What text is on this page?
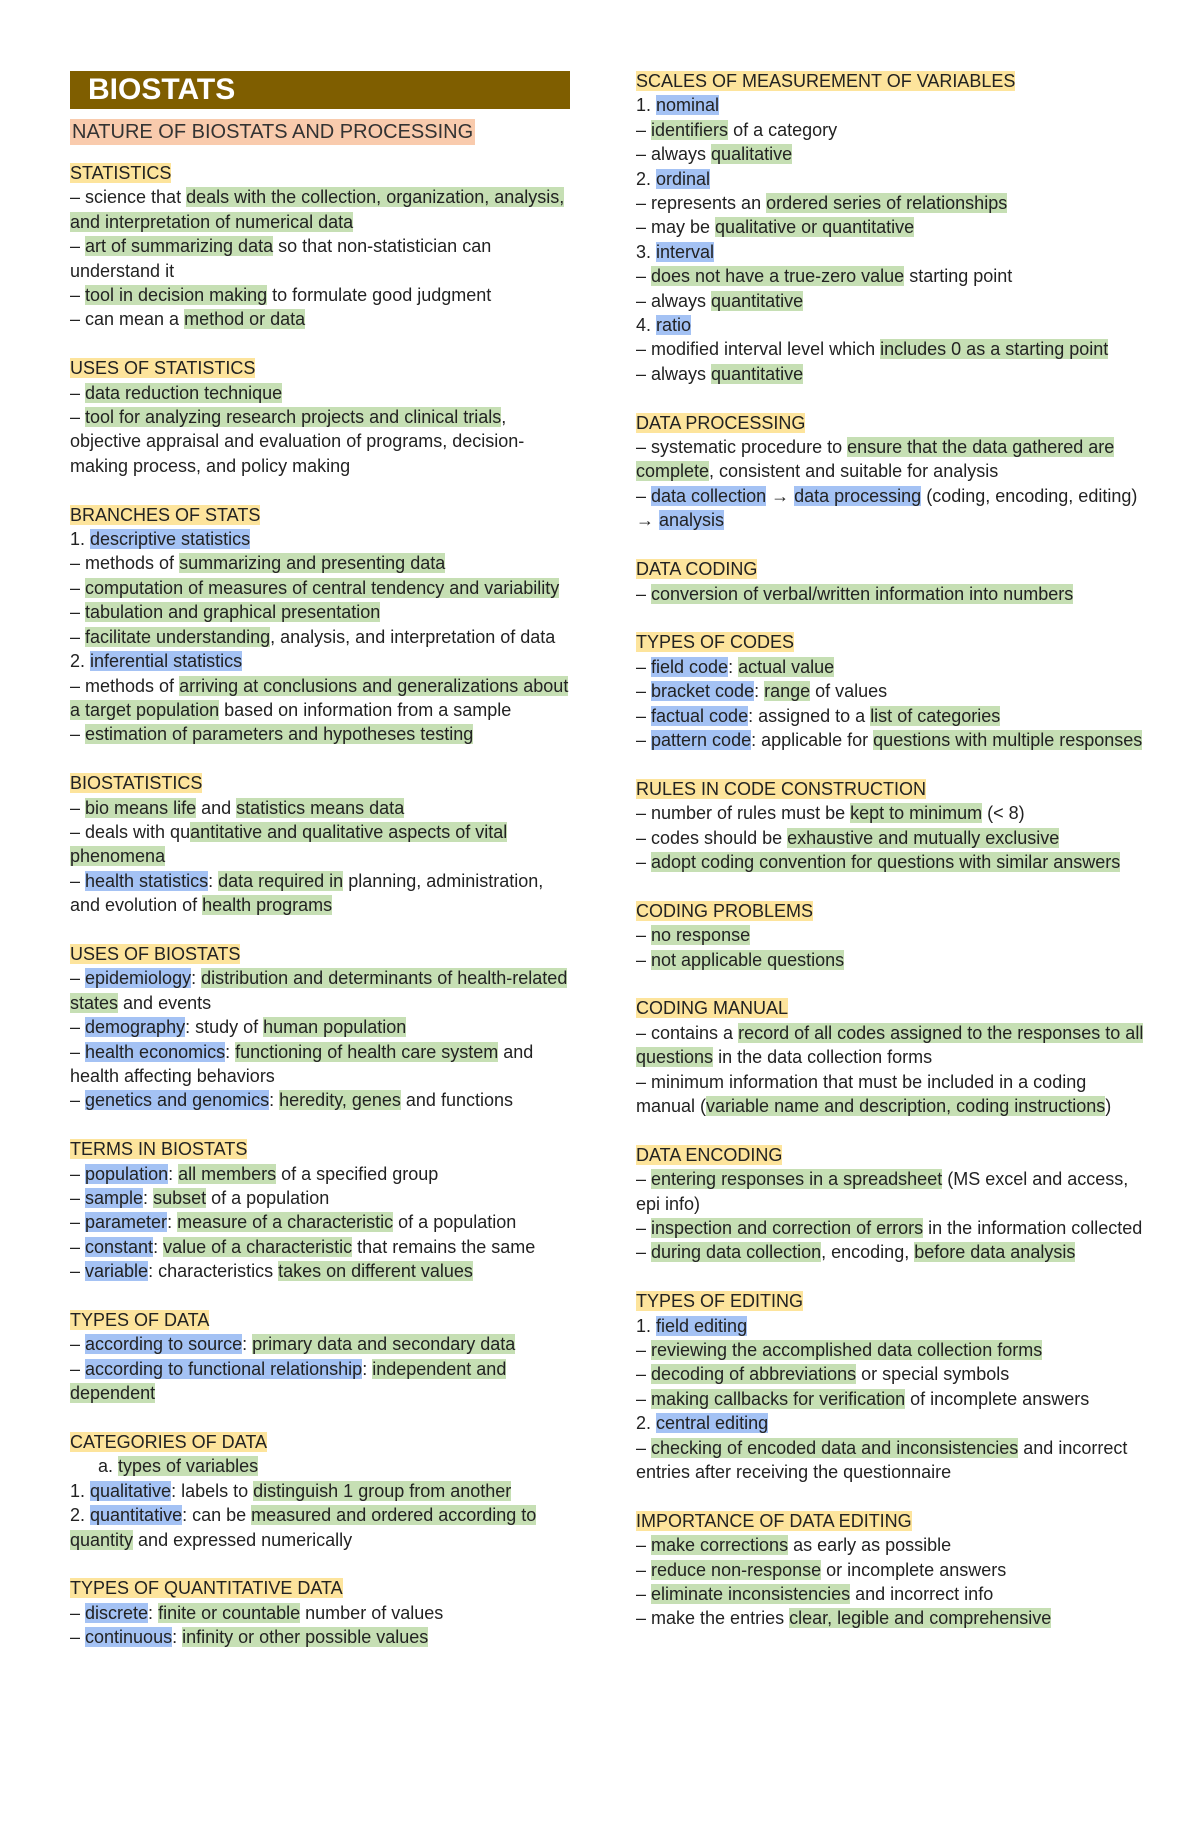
BIOSTATS
NATURE OF BIOSTATS AND PROCESSING

STATISTICS

– science that deals with the collection, organization, analysis, and interpretation of numerical data

– art of summarizing data so that non-statistician can understand it

– tool in decision making to formulate good judgment

– can mean a method or data

USES OF STATISTICS

– data reduction technique

– tool for analyzing research projects and clinical trials, objective appraisal and evaluation of programs, decision-making process, and policy making

BRANCHES OF STATS

1. descriptive statistics

– methods of summarizing and presenting data

– computation of measures of central tendency and variability

– tabulation and graphical presentation

– facilitate understanding, analysis, and interpretation of data

2. inferential statistics

– methods of arriving at conclusions and generalizations about a target population based on information from a sample

– estimation of parameters and hypotheses testing

BIOSTATISTICS

– bio means life and statistics means data

– deals with quantitative and qualitative aspects of vital phenomena

– health statistics: data required in planning, administration, and evolution of health programs

USES OF BIOSTATS

– epidemiology: distribution and determinants of health-related states and events

– demography: study of human population

– health economics: functioning of health care system and health affecting behaviors

– genetics and genomics: heredity, genes and functions

TERMS IN BIOSTATS

– population: all members of a specified group

– sample: subset of a population

– parameter: measure of a characteristic of a population

– constant: value of a characteristic that remains the same

– variable: characteristics takes on different values

TYPES OF DATA

– according to source: primary data and secondary data

– according to functional relationship: independent and dependent

CATEGORIES OF DATA

a. types of variables

1. qualitative: labels to distinguish 1 group from another

2. quantitative: can be measured and ordered according to quantity and expressed numerically

TYPES OF QUANTITATIVE DATA

– discrete: finite or countable number of values

– continuous: infinity or other possible values

SCALES OF MEASUREMENT OF VARIABLES

1. nominal

– identifiers of a category

– always qualitative

2. ordinal

– represents an ordered series of relationships

– may be qualitative or quantitative

3. interval

– does not have a true-zero value starting point

– always quantitative

4. ratio

– modified interval level which includes 0 as a starting point

– always quantitative

DATA PROCESSING

– systematic procedure to ensure that the data gathered are complete, consistent and suitable for analysis

– data collection → data processing (coding, encoding, editing) → analysis

DATA CODING

– conversion of verbal/written information into numbers

TYPES OF CODES

– field code: actual value

– bracket code: range of values

– factual code: assigned to a list of categories

– pattern code: applicable for questions with multiple responses

RULES IN CODE CONSTRUCTION

– number of rules must be kept to minimum (< 8)

– codes should be exhaustive and mutually exclusive

– adopt coding convention for questions with similar answers

CODING PROBLEMS

– no response

– not applicable questions

CODING MANUAL

– contains a record of all codes assigned to the responses to all questions in the data collection forms

– minimum information that must be included in a coding manual (variable name and description, coding instructions)

DATA ENCODING

– entering responses in a spreadsheet (MS excel and access, epi info)

– inspection and correction of errors in the information collected

– during data collection, encoding, before data analysis

TYPES OF EDITING

1. field editing

– reviewing the accomplished data collection forms

– decoding of abbreviations or special symbols

– making callbacks for verification of incomplete answers

2. central editing

– checking of encoded data and inconsistencies and incorrect entries after receiving the questionnaire

IMPORTANCE OF DATA EDITING

– make corrections as early as possible

– reduce non-response or incomplete answers

– eliminate inconsistencies and incorrect info

– make the entries clear, legible and comprehensive
